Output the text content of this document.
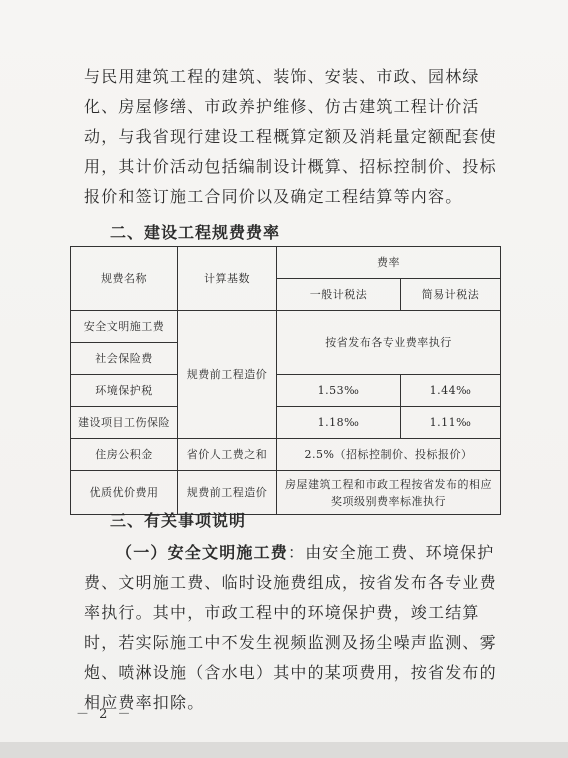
与民用建筑工程的建筑、装饰、安装、市政、园林绿化、房屋修缮、市政养护维修、仿古建筑工程计价活动，与我省现行建设工程概算定额及消耗量定额配套使用，其计价活动包括编制设计概算、招标控制价、投标报价和签订施工合同价以及确定工程结算等内容。

二、建设工程规费费率

规费名称	计算基数	费率	
		一般计税法	简易计税法
安全文明施工费	规费前工程造价	按省发布各专业费率执行	
社会保险费			
环境保护税		1.53‰	1.44‰
建设项目工伤保险		1.18‰	1.11‰
住房公积金	省价人工费之和	2.5%（招标控制价、投标报价）	
优质优价费用	规费前工程造价	房屋建筑工程和市政工程按省发布的相应奖项级别费率标准执行	

三、有关事项说明

（一）安全文明施工费：由安全施工费、环境保护费、文明施工费、临时设施费组成，按省发布各专业费率执行。其中，市政工程中的环境保护费，竣工结算时，若实际施工中不发生视频监测及扬尘噪声监测、雾炮、喷淋设施（含水电）其中的某项费用，按省发布的相应费率扣除。

－ 2 －
